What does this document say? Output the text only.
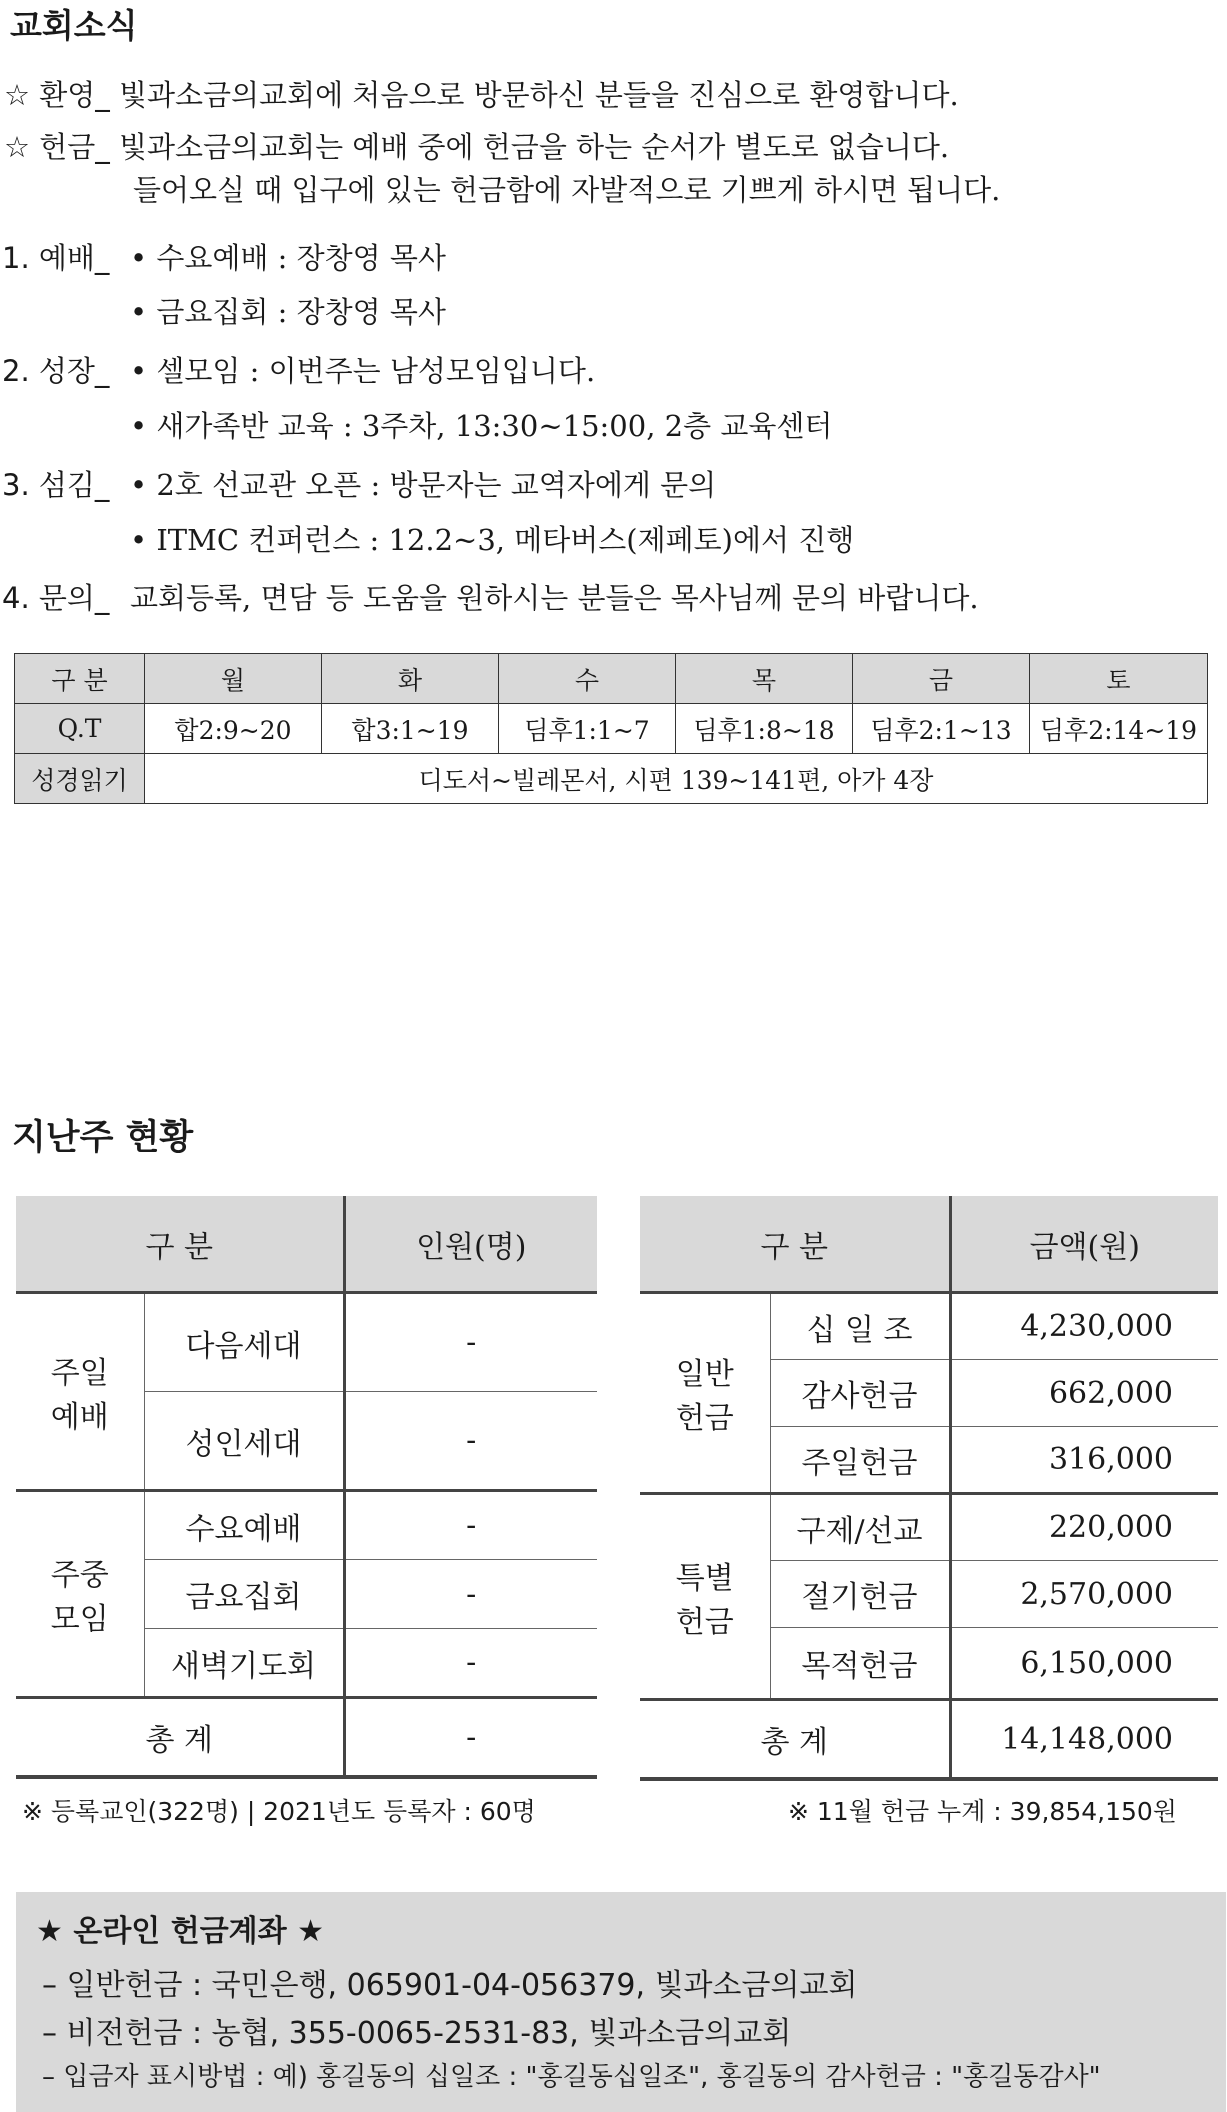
교회소식
☆ 환영_ 빛과소금의교회에 처음으로 방문하신 분들을 진심으로 환영합니다.
☆ 헌금_ 빛과소금의교회는 예배 중에 헌금을 하는 순서가 별도로 없습니다.
들어오실 때 입구에 있는 헌금함에 자발적으로 기쁘게 하시면 됩니다.
1. 예배_ • 수요예배 : 장창영 목사
• 금요집회 : 장창영 목사
2. 성장_ • 셀모임 : 이번주는 남성모임입니다.
• 새가족반 교육 : 3주차, 13:30~15:00, 2층 교육센터
3. 섬김_ • 2호 선교관 오픈 : 방문자는 교역자에게 문의
• ITMC 컨퍼런스 : 12.2~3, 메타버스(제페토)에서 진행
4. 문의_ 교회등록, 면담 등 도움을 원하시는 분들은 목사님께 문의 바랍니다.
구 분	월	화	수	목	금	토
Q.T	합2:9~20	합3:1~19	딤후1:1~7	딤후1:8~18	딤후2:1~13	딤후2:14~19
성경읽기	디도서~빌레몬서, 시편 139~141편, 아가 4장					
지난주 현황
구 분		인원(명)
주일
예배	다음세대	-
	성인세대	-
주중
모임	수요예배	-
	금요집회	-
	새벽기도회	-
총 계		-
구 분		금액(원)
일반
헌금	십 일 조	4,230,000
	감사헌금	662,000
	주일헌금	316,000
특별
헌금	구제/선교	220,000
	절기헌금	2,570,000
	목적헌금	6,150,000
총 계		14,148,000
※ 등록교인(322명) | 2021년도 등록자 : 60명	※ 11월 헌금 누계 : 39,854,150원
★ 온라인 헌금계좌 ★
– 일반헌금 : 국민은행, 065901-04-056379, 빛과소금의교회
– 비전헌금 : 농협, 355-0065-2531-83, 빛과소금의교회
– 입금자 표시방법 : 예) 홍길동의 십일조 : "홍길동십일조", 홍길동의 감사헌금 : "홍길동감사"
